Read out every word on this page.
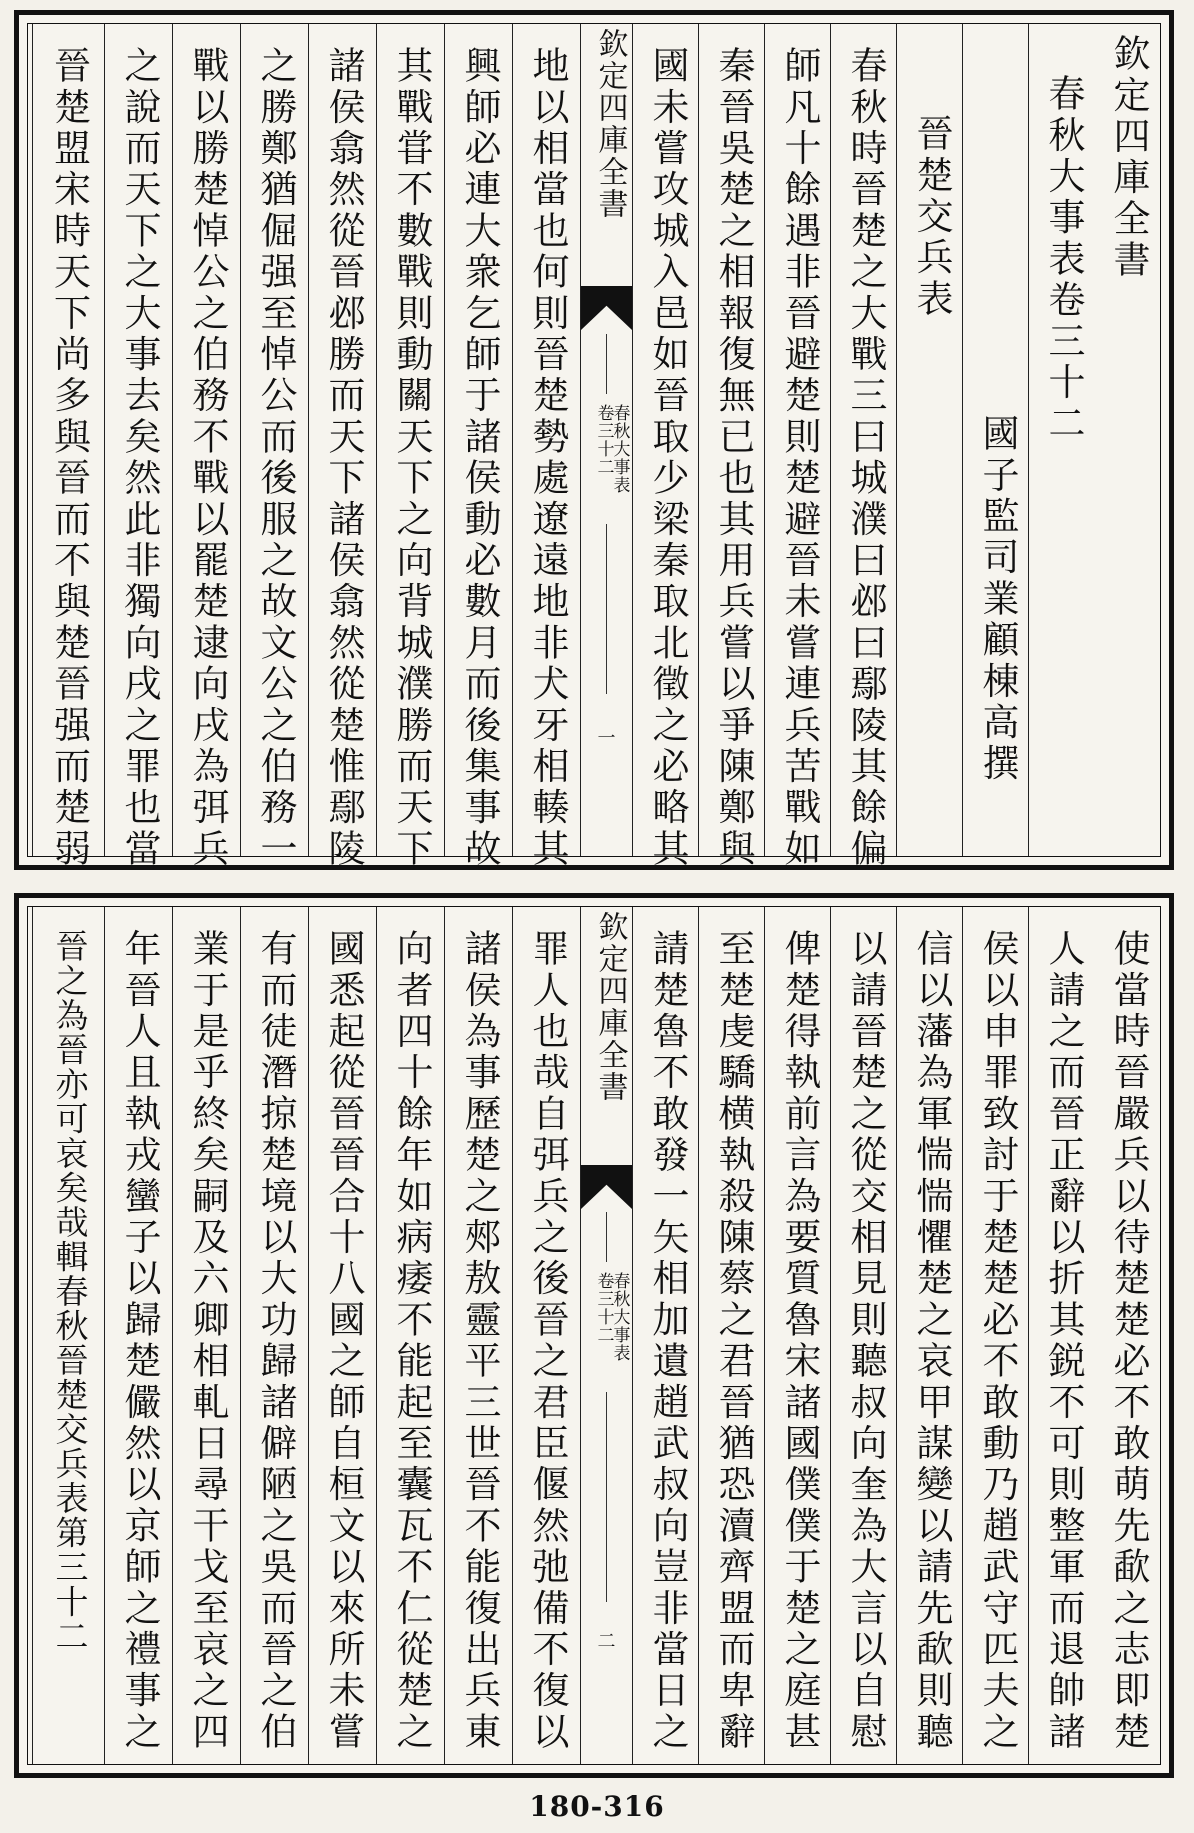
欽定四庫全書
春秋大事表卷三十二
國子監司業顧棟高撰
晉楚交兵表
春秋時晉楚之大戰三曰城濮曰邲曰鄢陵其餘偏
師凡十餘遇非晉避楚則楚避晉未嘗連兵苦戰如
秦晉吳楚之相報復無已也其用兵嘗以爭陳鄭與
國未嘗攻城入邑如晉取少梁秦取北徵之必略其
欽定四庫全書
春秋大事表
卷三十二
一
地以相當也何則晉楚勢處遼遠地非犬牙相輳其
興師必連大衆乞師于諸侯動必數月而後集事故
其戰甞不數戰則動關天下之向背城濮勝而天下
諸侯翕然從晉邲勝而天下諸侯翕然從楚惟鄢陵
之勝鄭猶倔强至悼公而後服之故文公之伯務一
戰以勝楚悼公之伯務不戰以罷楚逮向戌為弭兵
之說而天下之大事去矣然此非獨向戌之罪也當
晉楚盟宋時天下尚多與晉而不與楚晉强而楚弱
使當時晉嚴兵以待楚楚必不敢萌先歃之志即楚
人請之而晉正辭以折其鋭不可則整軍而退帥諸
侯以申罪致討于楚楚必不敢動乃趙武守匹夫之
信以藩為軍惴惴懼楚之哀甲謀變以請先歃則聽
以請晉楚之從交相見則聽叔向奎為大言以自慰
俾楚得執前言為要質魯宋諸國僕僕于楚之庭甚
至楚虔驕横執殺陳蔡之君晉猶恐瀆齊盟而卑辭
請楚魯不敢發一矢相加遺趙武叔向豈非當日之
欽定四庫全書
春秋大事表
卷三十二
二
罪人也哉自弭兵之後晉之君臣偃然弛備不復以
諸侯為事歷楚之郟敖靈平三世晉不能復出兵東
向者四十餘年如病痿不能起至囊瓦不仁從楚之
國悉起從晉晉合十八國之師自桓文以來所未嘗
有而徒潛掠楚境以大功歸諸僻陋之吳而晉之伯
業于是乎終矣嗣及六卿相軋日尋干戈至哀之四
年晉人且執戎蠻子以歸楚儼然以京師之禮事之
晉之為晉亦可哀矣哉輯春秋晉楚交兵表第三十二
180-316
